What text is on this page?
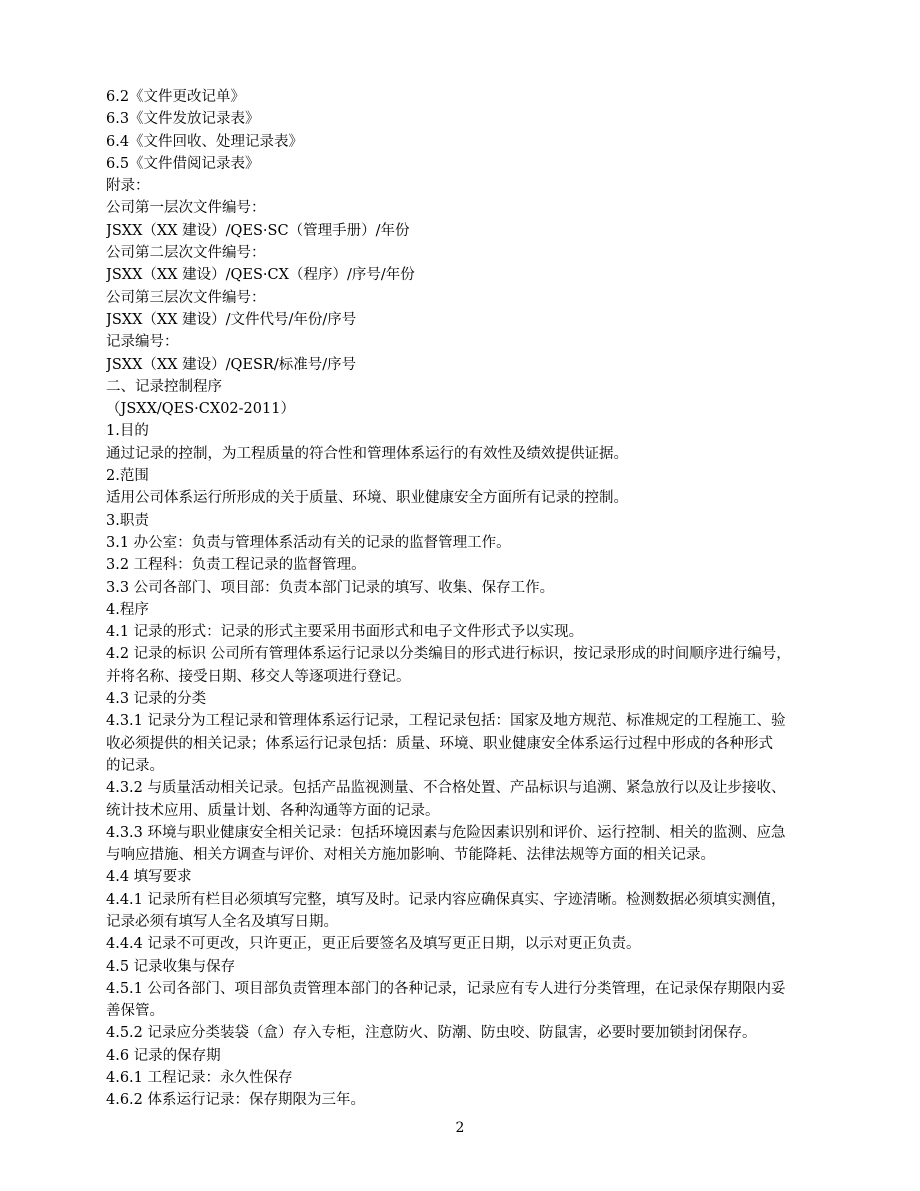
6.2《文件更改记单》
6.3《文件发放记录表》
6.4《文件回收、处理记录表》
6.5《文件借阅记录表》
附录：
公司第一层次文件编号：
JSXX（XX 建设）/QES·SC（管理手册）/年份
公司第二层次文件编号：
JSXX（XX 建设）/QES·CX（程序）/序号/年份
公司第三层次文件编号：
JSXX（XX 建设）/文件代号/年份/序号
记录编号：
JSXX（XX 建设）/QESR/标准号/序号
二、记录控制程序
（JSXX/QES·CX02-2011）
1.目的
通过记录的控制，为工程质量的符合性和管理体系运行的有效性及绩效提供证据。
2.范围
适用公司体系运行所形成的关于质量、环境、职业健康安全方面所有记录的控制。
3.职责
3.1 办公室：负责与管理体系活动有关的记录的监督管理工作。
3.2 工程科：负责工程记录的监督管理。
3.3 公司各部门、项目部：负责本部门记录的填写、收集、保存工作。
4.程序
4.1 记录的形式：记录的形式主要采用书面形式和电子文件形式予以实现。
4.2 记录的标识 公司所有管理体系运行记录以分类编目的形式进行标识，按记录形成的时间顺序进行编号，
并将名称、接受日期、移交人等逐项进行登记。
4.3 记录的分类
4.3.1 记录分为工程记录和管理体系运行记录，工程记录包括：国家及地方规范、标准规定的工程施工、验
收必须提供的相关记录；体系运行记录包括：质量、环境、职业健康安全体系运行过程中形成的各种形式
的记录。
4.3.2 与质量活动相关记录。包括产品监视测量、不合格处置、产品标识与追溯、紧急放行以及让步接收、
统计技术应用、质量计划、各种沟通等方面的记录。
4.3.3 环境与职业健康安全相关记录：包括环境因素与危险因素识别和评价、运行控制、相关的监测、应急
与响应措施、相关方调查与评价、对相关方施加影响、节能降耗、法律法规等方面的相关记录。
4.4 填写要求
4.4.1 记录所有栏目必须填写完整，填写及时。记录内容应确保真实、字迹清晰。检测数据必须填实测值，
记录必须有填写人全名及填写日期。
4.4.4 记录不可更改，只许更正，更正后要签名及填写更正日期，以示对更正负责。
4.5 记录收集与保存
4.5.1 公司各部门、项目部负责管理本部门的各种记录，记录应有专人进行分类管理，在记录保存期限内妥
善保管。
4.5.2 记录应分类装袋（盒）存入专柜，注意防火、防潮、防虫咬、防鼠害，必要时要加锁封闭保存。
4.6 记录的保存期
4.6.1 工程记录：永久性保存
4.6.2 体系运行记录：保存期限为三年。
2
